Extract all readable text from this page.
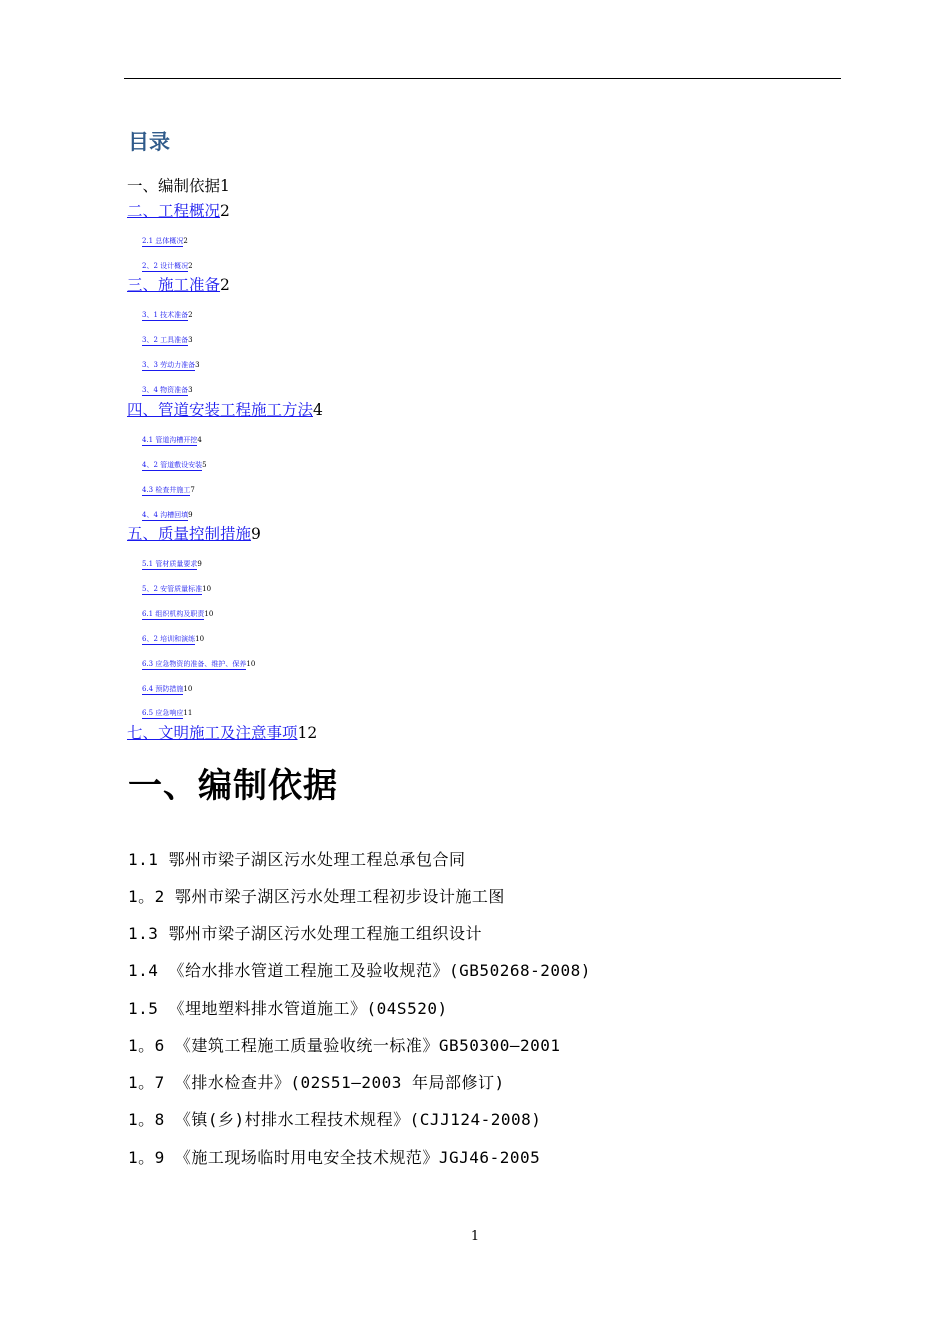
目录
一、编制依据1
二、工程概况2
2.1 总体概况2
2、2 设计概况2
三、施工准备2
3、1 技术准备2
3、2 工具准备3
3、3 劳动力准备3
3、4 物资准备3
四、管道安装工程施工方法4
4.1 管道沟槽开挖4
4、2 管道敷设安装5
4.3 检查井施工7
4、4 沟槽回填9
五、质量控制措施9
5.1 管材质量要求9
5、2 安管质量标准10
6.1 组织机构及职责10
6、2 培训和演练10
6.3 应急物资的准备、维护、保养10
6.4 预防措施10
6.5 应急响应11
七、文明施工及注意事项12
一、编制依据
1.1 鄂州市梁子湖区污水处理工程总承包合同
1。2 鄂州市梁子湖区污水处理工程初步设计施工图
1.3 鄂州市梁子湖区污水处理工程施工组织设计
1.4 《给水排水管道工程施工及验收规范》(GB50268-2008)
1.5 《埋地塑料排水管道施工》(04S520)
1。6 《建筑工程施工质量验收统一标准》GB50300—2001
1。7 《排水检查井》(02S51—2003 年局部修订)
1。8 《镇(乡)村排水工程技术规程》(CJJ124-2008)
1。9 《施工现场临时用电安全技术规范》JGJ46-2005
1
